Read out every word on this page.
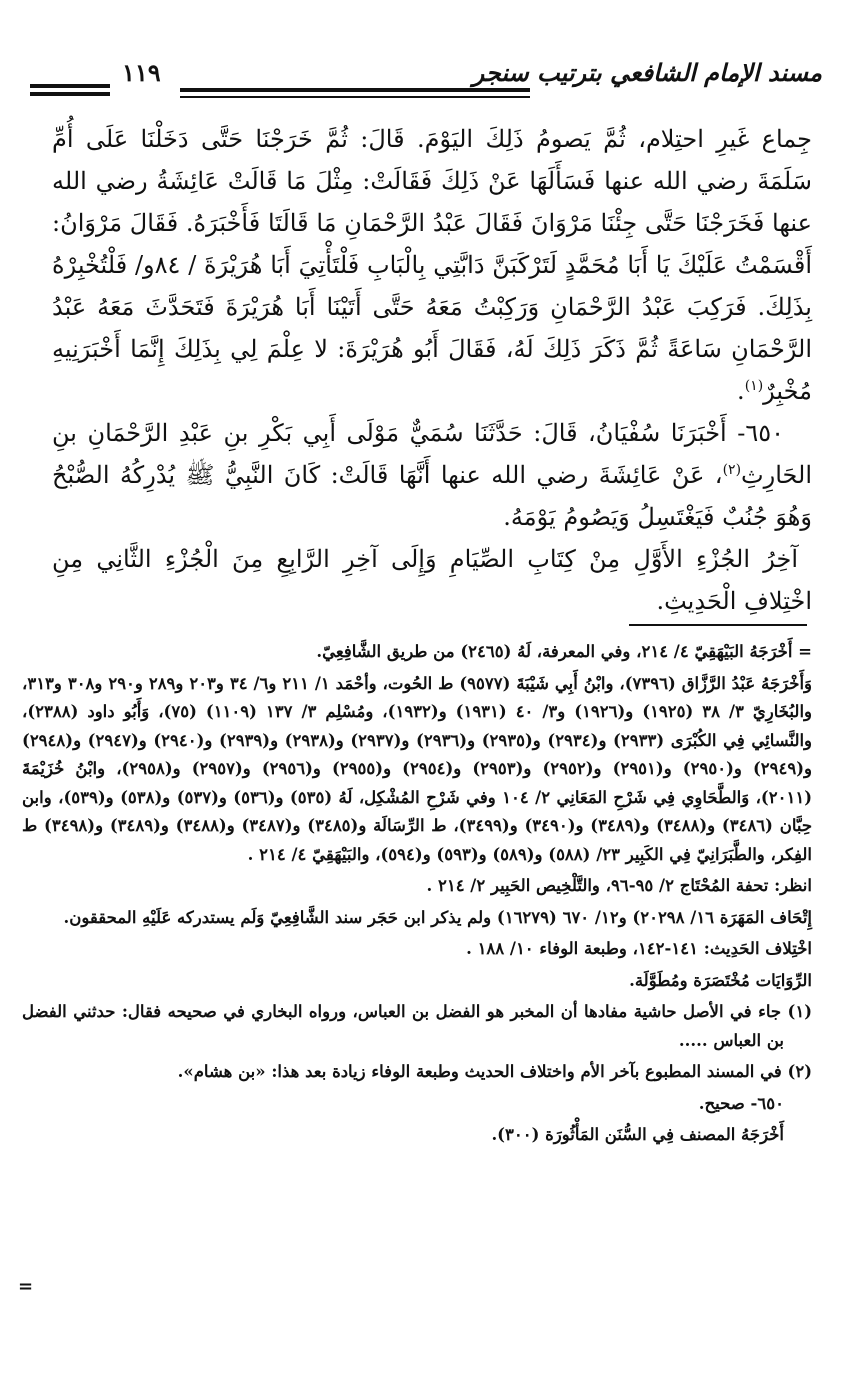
مسند الإمام الشافعي بترتيب سنجر
١١٩

جِماع غَيرِ احتِلام، ثُمَّ يَصومُ ذَلِكَ اليَوْمَ. قَالَ: ثُمَّ خَرَجْنَا حَتَّى دَخَلْنَا عَلَى أُمِّ سَلَمَةَ رضي الله عنها فَسَأَلَهَا عَنْ ذَلِكَ فَقَالَتْ: مِثْلَ مَا قَالَتْ عَائِشَةُ رضي الله عنها فَخَرَجْنَا حَتَّى جِئْنَا مَرْوَانَ فَقَالَ عَبْدُ الرَّحْمَانِ مَا قَالَتَا فَأَخْبَرَهُ. فَقَالَ مَرْوَانُ: أَقْسَمْتُ عَلَيْكَ يَا أَبَا مُحَمَّدٍ لَتَرْكَبَنَّ دَابَّتِي بِالْبَابِ فَلْتَأْتِيَ أَبَا هُرَيْرَةَ / ٨٤و/ فَلْتُخْبِرْهُ بِذَلِكَ. فَرَكِبَ عَبْدُ الرَّحْمَانِ وَرَكِبْتُ مَعَهُ حَتَّى أَتَيْنَا أَبَا هُرَيْرَةَ فَتَحَدَّثَ مَعَهُ عَبْدُ الرَّحْمَانِ سَاعَةً ثُمَّ ذَكَرَ ذَلِكَ لَهُ، فَقَالَ أَبُو هُرَيْرَةَ: لا عِلْمَ لِي بِذَلِكَ إِنَّمَا أَخْبَرَنِيهِ مُخْبِرٌ$^{(١)}$.

٦٥٠- أَخْبَرَنَا سُفْيَانُ، قَالَ: حَدَّثَنَا سُمَيٌّ مَوْلَى أَبِي بَكْرِ بنِ عَبْدِ الرَّحْمَانِ بنِ الحَارِثِ$^{(٢)}$، عَنْ عَائِشَةَ رضي الله عنها أَنَّهَا قَالَتْ: كَانَ النَّبِيُّ ﷺ يُدْرِكُهُ الصُّبْحُ وَهُوَ جُنُبٌ فَيَغْتَسِلُ وَيَصُومُ يَوْمَهُ.

آخِرُ الجُزْءِ الأَوَّلِ مِنْ كِتَابِ الصِّيَامِ وَإِلَى آخِرِ الرَّابِعِ مِنَ الْجُزْءِ الثَّانِي مِنِ اخْتِلافِ الْحَدِيثِ.

= أَخْرَجَهُ البَيْهَقِيّ ٤/ ٢١٤، وفي المعرفة، لَهُ (٢٤٦٥) من طريق الشَّافِعِيّ.

وَأَخْرَجَهُ عَبْدُ الرَّزَّاق (٧٣٩٦)، وابْنُ أَبِي شَيْبَةَ (٩٥٧٧) ط الحُوت، وأحْمَد ١/ ٢١١ و٦/ ٣٤ و٢٠٣ و٢٨٩ و٢٩٠ و٣٠٨ و٣١٣، والبُخَارِيّ ٣/ ٣٨ (١٩٢٥) و(١٩٢٦) و٣/ ٤٠ (١٩٣١) و(١٩٣٢)، ومُسْلِم ٣/ ١٣٧ (١١٠٩) (٧٥)، وَأَبُو داود (٢٣٨٨)، والنَّسائِي فِي الكُبْرَى (٢٩٣٣) و(٢٩٣٤) و(٢٩٣٥) و(٢٩٣٦) و(٢٩٣٧) و(٢٩٣٨) و(٢٩٣٩) و(٢٩٤٠) و(٢٩٤٧) و(٢٩٤٨) و(٢٩٤٩) و(٢٩٥٠) و(٢٩٥١) و(٢٩٥٢) و(٢٩٥٣) و(٢٩٥٤) و(٢٩٥٥) و(٢٩٥٦) و(٢٩٥٧) و(٢٩٥٨)، وابْنُ خُزَيْمَةَ (٢٠١١)، وَالطَّحَاوِي فِي شَرْحِ المَعَانِي ٢/ ١٠٤ وفي شَرْحِ المُشْكِل، لَهُ (٥٣٥) و(٥٣٦) و(٥٣٧) و(٥٣٨) و(٥٣٩)، وابن حِبَّان (٣٤٨٦) و(٣٤٨٨) و(٣٤٨٩) و(٣٤٩٠) و(٣٤٩٩)، ط الرِّسَالَة و(٣٤٨٥) و(٣٤٨٧) و(٣٤٨٨) و(٣٤٨٩) و(٣٤٩٨) ط الفِكر، والطَّبَرَانِيّ فِي الكَبِير ٢٣/ (٥٨٨) و(٥٨٩) و(٥٩٣) و(٥٩٤)، والبَيْهَقِيّ ٤/ ٢١٤ .

انظر: تحفة المُحْتَاج ٢/ ٩٥-٩٦، والتَّلْخِيص الحَبِير ٢/ ٢١٤ .

إِتْحَاف المَهَرَة ١٦/ ٢٠٢٩٨) و١٢/ ٦٧٠ (١٦٢٧٩) ولم يذكر ابن حَجَر سند الشَّافِعِيّ وَلَم يستدركه عَلَيْهِ المحققون.

اخْتِلاف الحَدِيث: ١٤١-١٤٢، وطبعة الوفاء ١٠/ ١٨٨ .

الرِّوَايَات مُخْتَصَرَة ومُطَوَّلَة.

(١) جاء في الأصل حاشية مفادها أن المخبر هو الفضل بن العباس، ورواه البخاري في صحيحه فقال: حدثني الفضل بن العباس .....

(٢) في المسند المطبوع بآخر الأم واختلاف الحديث وطبعة الوفاء زيادة بعد هذا: «بن هشام».

٦٥٠- صحيح.

أَخْرَجَهُ المصنف فِي السُّنَن المَأْثُورَة (٣٠٠).

=
